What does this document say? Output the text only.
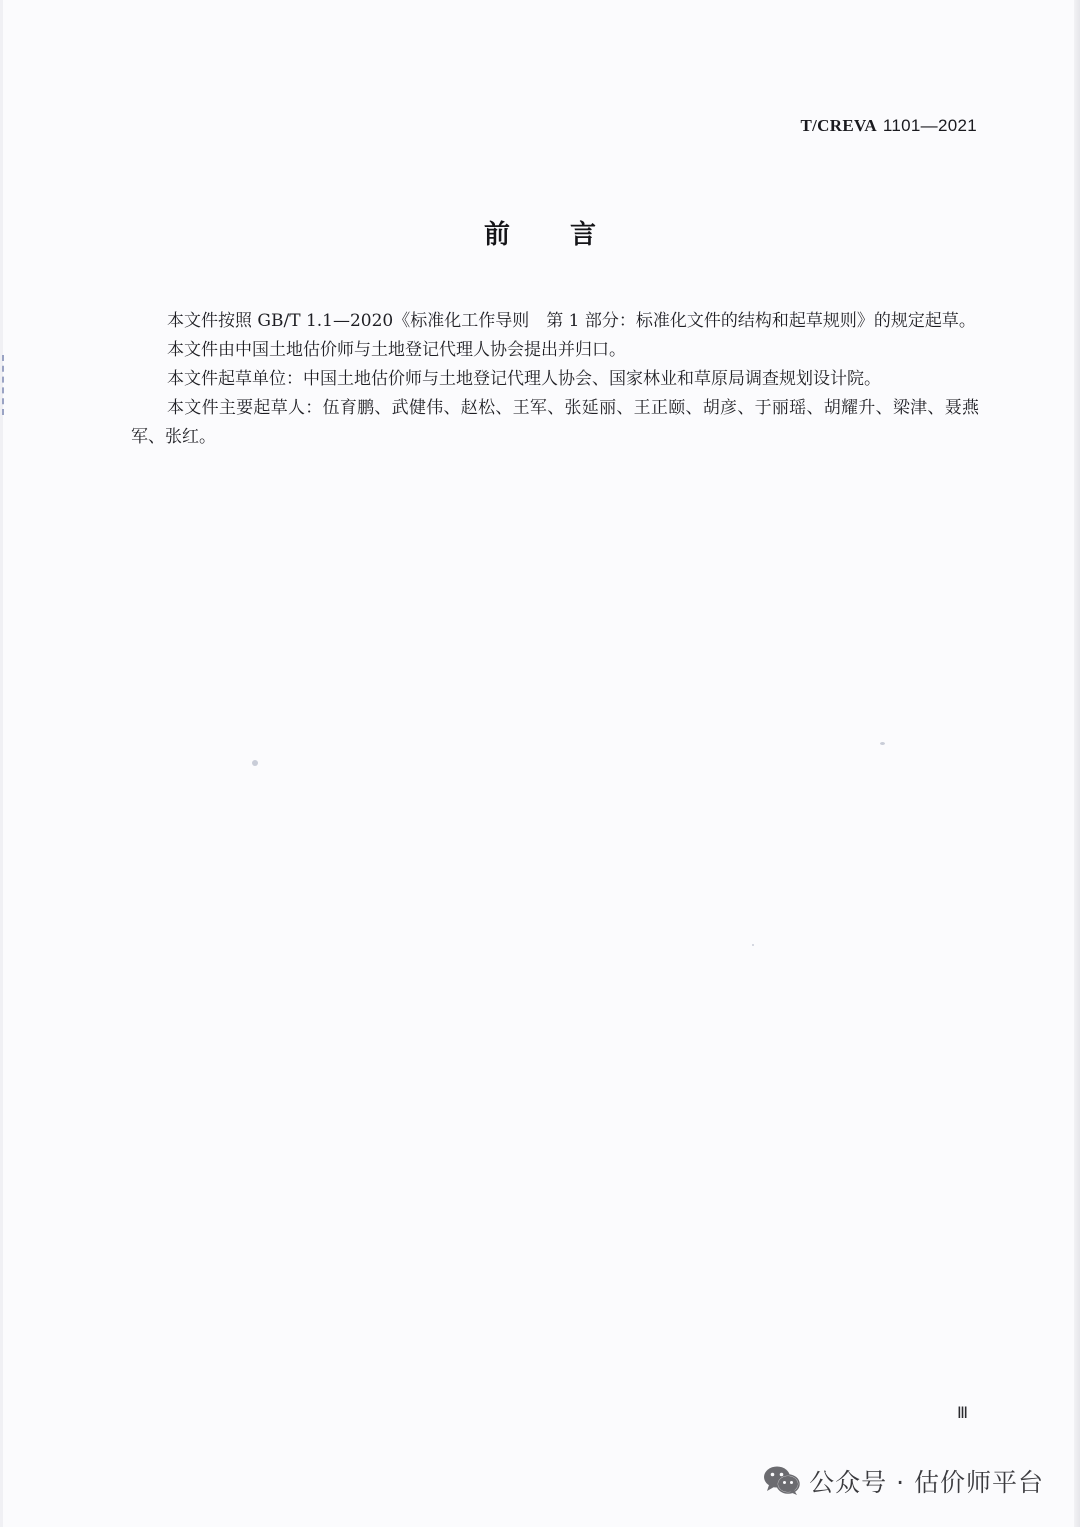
T/CREVA 1101—2021
前言

本文件按照 GB/T 1.1—2020《标准化工作导则　第 1 部分：标准化文件的结构和起草规则》的规定起草。

本文件由中国土地估价师与土地登记代理人协会提出并归口。

本文件起草单位：中国土地估价师与土地登记代理人协会、国家林业和草原局调查规划设计院。

本文件主要起草人：伍育鹏、武健伟、赵松、王军、张延丽、王正颐、胡彦、于丽瑶、胡耀升、梁津、聂燕军、张红。

Ⅲ
公众号 · 估价师平台
